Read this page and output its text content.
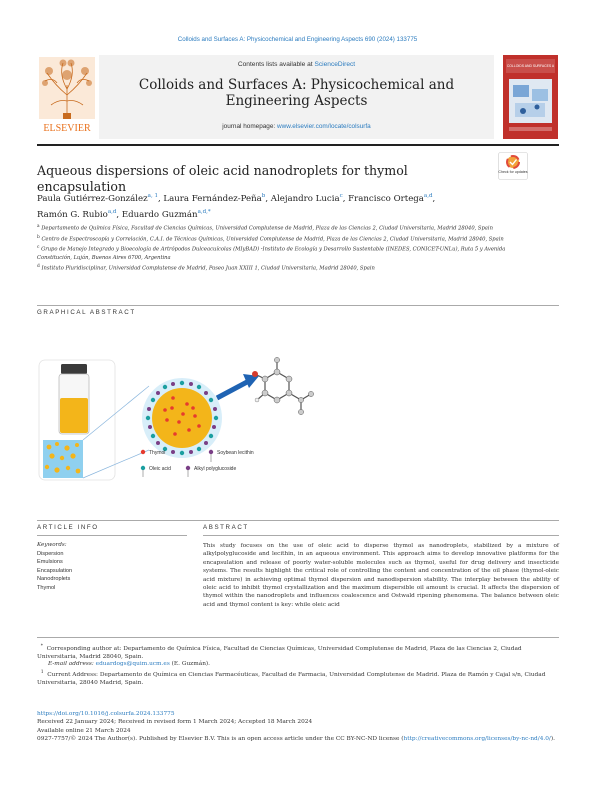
Colloids and Surfaces A: Physicochemical and Engineering Aspects 690 (2024) 133775
ELSEVIER
Contents lists available at ScienceDirect
Colloids and Surfaces A: Physicochemical and
Engineering Aspects
journal homepage: www.elsevier.com/locate/colsurfa
COLLOIDS AND SURFACES A
Aqueous dispersions of oleic acid nanodroplets for thymol encapsulation
Check for updates
Paula Gutiérrez-González$^{a, 1}$, Laura Fernández-Peña$^b$, Alejandro Lucia$^c$, Francisco Ortega$^{a,d}$,
Ramón G. Rubio$^{a,d}$, Eduardo Guzmán$^{a,d,*}$

$^a$ Departamento de Química Física, Facultad de Ciencias Químicas, Universidad Complutense de Madrid, Plaza de las Ciencias 2, Ciudad Universitaria, Madrid 28040, Spain

$^b$ Centro de Espectroscopía y Correlación, C.A.I. de Técnicas Químicas, Universidad Complutense de Madrid, Plaza de las Ciencias 2, Ciudad Universitaria, Madrid 28040, Spain

$^c$ Grupo de Manejo Integrado y Bioecología de Artrópodos Dulceacuícolas (MIyBAD) -Instituto de Ecología y Desarrollo Sustentable (INEDES, CONICET-UNLu), Ruta 5 y Avenida Constitución, Luján, Buenos Aires 6700, Argentina

$^d$ Instituto Pluridisciplinar, Universidad Complutense de Madrid, Paseo Juan XXIII 1, Ciudad Universitaria, Madrid 28040, Spain

GRAPHICAL ABSTRACT
Thymol	Soybean lecithin
Oleic acid	Alkyl polyglucoside
ARTICLE INFO	ABSTRACT
Keywords:
Dispersion
Emulsions
Encapsulation
Nanodroplets
Thymol
This study focuses on the use of oleic acid to disperse thymol as nanodroplets, stabilized by a mixture of alkylpolyglucoside and lecithin, in an aqueous environment. This approach aims to develop innovative platforms for the encapsulation and release of poorly water-soluble molecules such as thymol, useful for drug delivery and insecticide systems. The results highlight the critical role of controlling the content and concentration of the oil phase (thymol-oleic acid mixture) in achieving optimal thymol dispersion and nanodispersion stability. The interplay between the ability of oleic acid to inhibit thymol crystallization and the maximum dispersible oil amount is crucial. It affects the dispersion of thymol within the nanodroplets and influences coalescence and Ostwald ripening phenomena. The balance between oleic acid and thymol content is key: while oleic acid
* Corresponding author at: Departamento de Química Física, Facultad de Ciencias Químicas, Universidad Complutense de Madrid, Plaza de las Ciencias 2, Ciudad Universitaria, Madrid 28040, Spain.
E-mail address: eduardogs@quim.ucm.es (E. Guzmán).
$^1$ Current Address: Departamento de Química en Ciencias Farmacéuticas, Facultad de Farmacia, Universidad Complutense de Madrid. Plaza de Ramón y Cajal s/n, Ciudad Universitaria, 28040 Madrid, Spain.
https://doi.org/10.1016/j.colsurfa.2024.133775
Received 22 January 2024; Received in revised form 1 March 2024; Accepted 18 March 2024
Available online 21 March 2024
0927-7757/© 2024 The Author(s). Published by Elsevier B.V. This is an open access article under the CC BY-NC-ND license (http://creativecommons.org/licenses/by-nc-nd/4.0/).
